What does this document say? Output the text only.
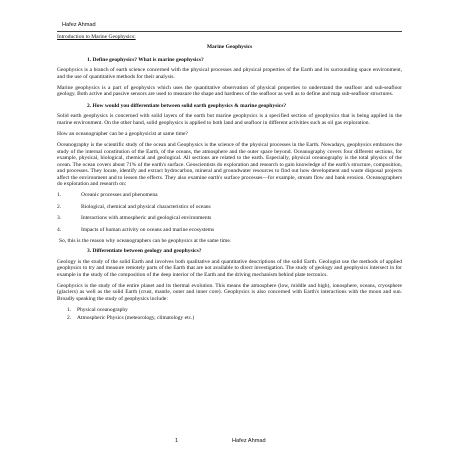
Hafez Ahmad

Introduction to Marine Geophysics:

Marine Geophysics
1. Define geophysics? What is marine geophysics?

Geophysics is a branch of earth science concerned with the physical processes and physical properties of the Earth and its surrounding space environment, and the use of quantitative methods for their analysis.

Marine geophysics is a part of geophysics which uses the quantitative observation of physical properties to understand the seafloor and sub-seafloor geology. Both active and passive sensors are used to measure the shape and hardness of the seafloor as well as to define and map sub-seafloor structures.

2. How would you differentiate between solid earth geophysics & marine geophysics?

Solid earth geophysics is concerned with solid layers of the earth but marine geophysics is a specified section of geophysics that is being applied in the marine environment. On the other hand, solid geophysics is applied to both land and seafloor in different activities such as oil gas exploration.

How an oceanographer can be a geophysicist at same time?

Oceanography is the scientific study of the ocean and Geophysics is the science of the physical processes in the Earth. Nowadays, geophysics embraces the study of the internal constitution of the Earth, of the oceans, the atmosphere and the outer space beyond. Oceanography covers four different sections, for example, physical, biological, chemical and geological. All sections are related to the earth. Especially, physical oceanography is the total physics of the ocean. The ocean covers about 71% of the earth's surface. Geoscientists do exploration and research to gain knowledge of the earth's structure, composition, and processes. They locate, identify and extract hydrocarbon, mineral and groundwater resources to find out how development and waste disposal projects affect the environment and to lessen the effects. They also examine earth's surface processes—for example, stream flow and bank erosion. Oceanographers do exploration and research on:

1.	Oceanic processes and phenomena
2.	Biological, chemical and physical characteristics of oceans
3.	Interactions with atmospheric and geological environments
4.	Impacts of human activity on oceans and marine ecosystems

So, this is the reason why oceanographers can be geophysics at the same time.

3. Differentiate between geology and geophysics?

Geology is the study of the solid Earth and involves both qualitative and quantitative descriptions of the solid Earth. Geologist use the methods of applied geophysics to try and measure remotely parts of the Earth that are not available to direct investigation. The study of geology and geophysics intersect in for example in the study of the composition of the deep interior of the Earth and the driving mechanism behind plate tectonics.

Geophysics is the study of the entire planet and its thermal evolution. This means the atmosphere (low, middle and high), ionosphere, oceans, cryosphere (glaciers) as well as the solid Earth (crust, mantle, outer and inner core). Geophysics is also concerned with Earth's interactions with the moon and sun. Broadly speaking the study of geophysics include:

1.	Physical oceanography
2.	Atmospheric Physics (meteorology, climatology etc.)
1	Hafez Ahmad
